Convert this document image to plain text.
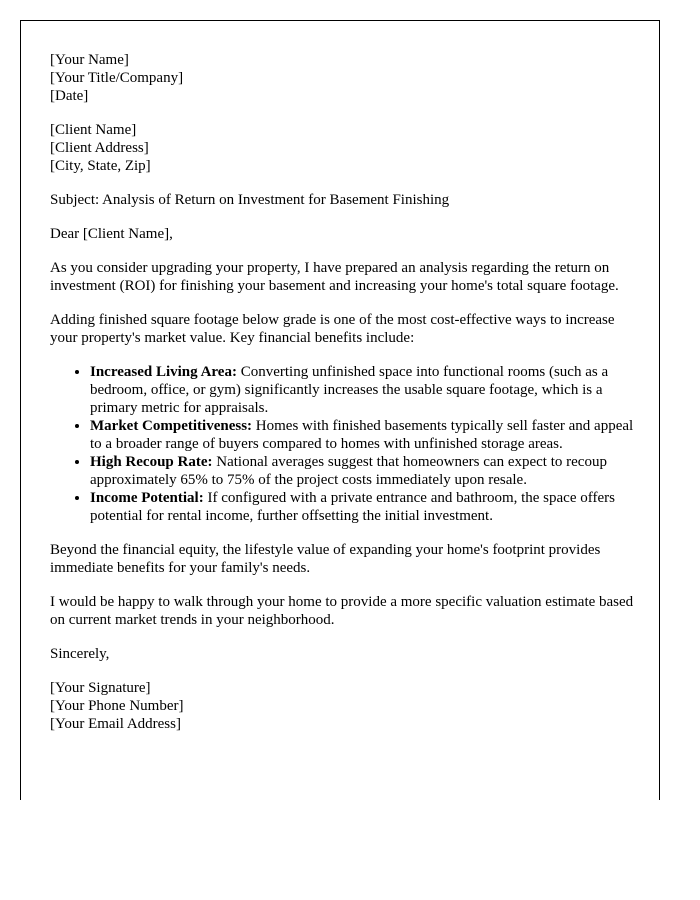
[Your Name]
[Your Title/Company]
[Date]
[Client Name]
[Client Address]
[City, State, Zip]

Subject: Analysis of Return on Investment for Basement Finishing

Dear [Client Name],

As you consider upgrading your property, I have prepared an analysis regarding the return on investment (ROI) for finishing your basement and increasing your home's total square footage.

Adding finished square footage below grade is one of the most cost-effective ways to increase your property's market value. Key financial benefits include:

• Increased Living Area: Converting unfinished space into functional rooms (such as a bedroom, office, or gym) significantly increases the usable square footage, which is a primary metric for appraisals.
• Market Competitiveness: Homes with finished basements typically sell faster and appeal to a broader range of buyers compared to homes with unfinished storage areas.
• High Recoup Rate: National averages suggest that homeowners can expect to recoup approximately 65% to 75% of the project costs immediately upon resale.
• Income Potential: If configured with a private entrance and bathroom, the space offers potential for rental income, further offsetting the initial investment.

Beyond the financial equity, the lifestyle value of expanding your home's footprint provides immediate benefits for your family's needs.

I would be happy to walk through your home to provide a more specific valuation estimate based on current market trends in your neighborhood.

Sincerely,

[Your Signature]
[Your Phone Number]
[Your Email Address]
